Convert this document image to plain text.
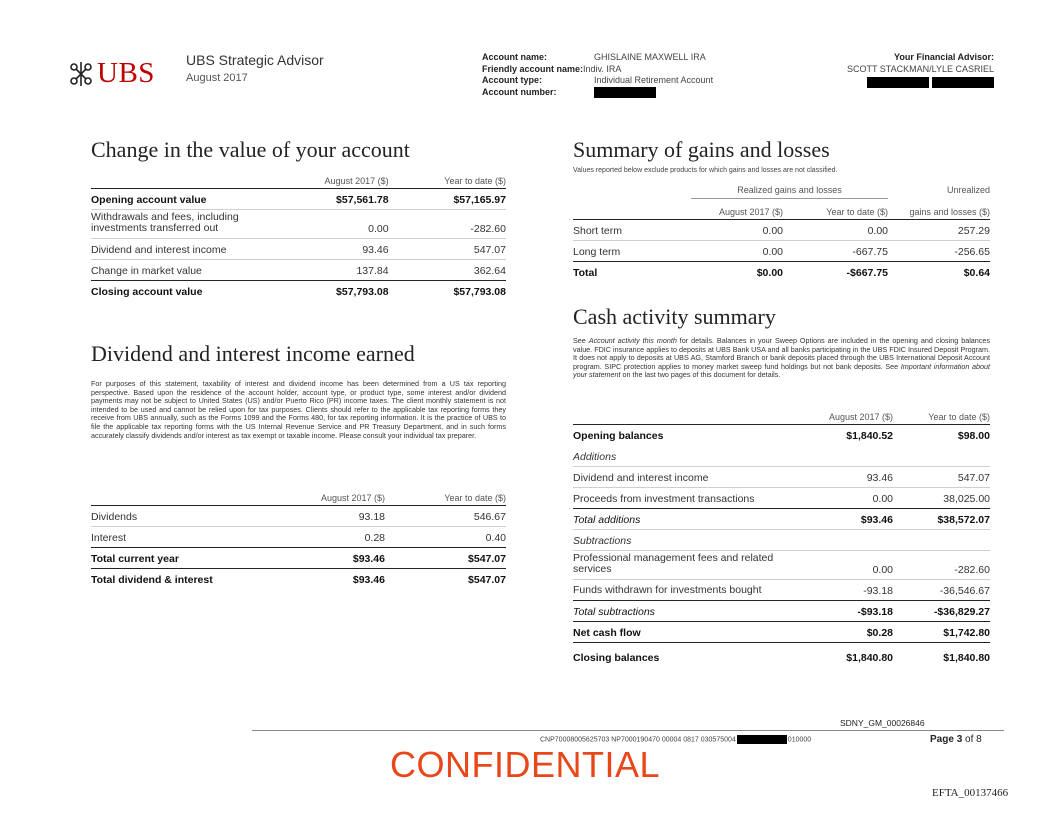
UBS UBS Strategic Advisor
August 2017
Account name:	GHISLAINE MAXWELL IRA
Friendly account name: Indiv. IRA
Account type:	Individual Retirement Account
Account number:
Your Financial Advisor:
SCOTT STACKMAN/LYLE CASRIEL
Change in the value of your account
	August 2017 ($)	Year to date ($)
Opening account value	$57,561.78	$57,165.97
Withdrawals and fees, including investments transferred out	0.00	-282.60
Dividend and interest income	93.46	547.07
Change in market value	137.84	362.64
Closing account value	$57,793.08	$57,793.08
Dividend and interest income earned
For purposes of this statement, taxability of interest and dividend income has been determined from a US tax reporting perspective. Based upon the residence of the account holder, account type, or product type, some interest and/or dividend payments may not be subject to United States (US) and/or Puerto Rico (PR) income taxes. The client monthly statement is not intended to be used and cannot be relied upon for tax purposes. Clients should refer to the applicable tax reporting forms they receive from UBS annually, such as the Forms 1099 and the Forms 480, for tax reporting information. It is the practice of UBS to file the applicable tax reporting forms with the US Internal Revenue Service and PR Treasury Department, and in such forms accurately classify dividends and/or interest as tax exempt or taxable income. Please consult your individual tax preparer.
	August 2017 ($)	Year to date ($)
Dividends	93.18	546.67
Interest	0.28	0.40
Total current year	$93.46	$547.07
Total dividend & interest	$93.46	$547.07
Summary of gains and losses
Values reported below exclude products for which gains and losses are not classified.
	Realized gains and losses		Unrealized
	August 2017 ($)	Year to date ($)	gains and losses ($)
Short term	0.00	0.00	257.29
Long term	0.00	-667.75	-256.65
Total	$0.00	-$667.75	$0.64
Cash activity summary
See Account activity this month for details. Balances in your Sweep Options are included in the opening and closing balances value. FDIC insurance applies to deposits at UBS Bank USA and all banks participating in the UBS FDIC Insured Deposit Program. It does not apply to deposits at UBS AG, Stamford Branch or bank deposits placed through the UBS International Deposit Account program. SIPC protection applies to money market sweep fund holdings but not bank deposits. See Important information about your statement on the last two pages of this document for details.
	August 2017 ($)	Year to date ($)
Opening balances	$1,840.52	$98.00
Additions		
Dividend and interest income	93.46	547.07
Proceeds from investment transactions	0.00	38,025.00
Total additions	$93.46	$38,572.07
Subtractions		
Professional management fees and related services	0.00	-282.60
Funds withdrawn for investments bought	-93.18	-36,546.67
Total subtractions	-$93.18	-$36,829.27
Net cash flow	$0.28	$1,742.80
Closing balances	$1,840.80	$1,840.80
SDNY_GM_00026846
CNP70008005625703 NP7000190470 00004 0817 030575004	010000	Page 3 of 8
CONFIDENTIAL
EFTA_00137466
